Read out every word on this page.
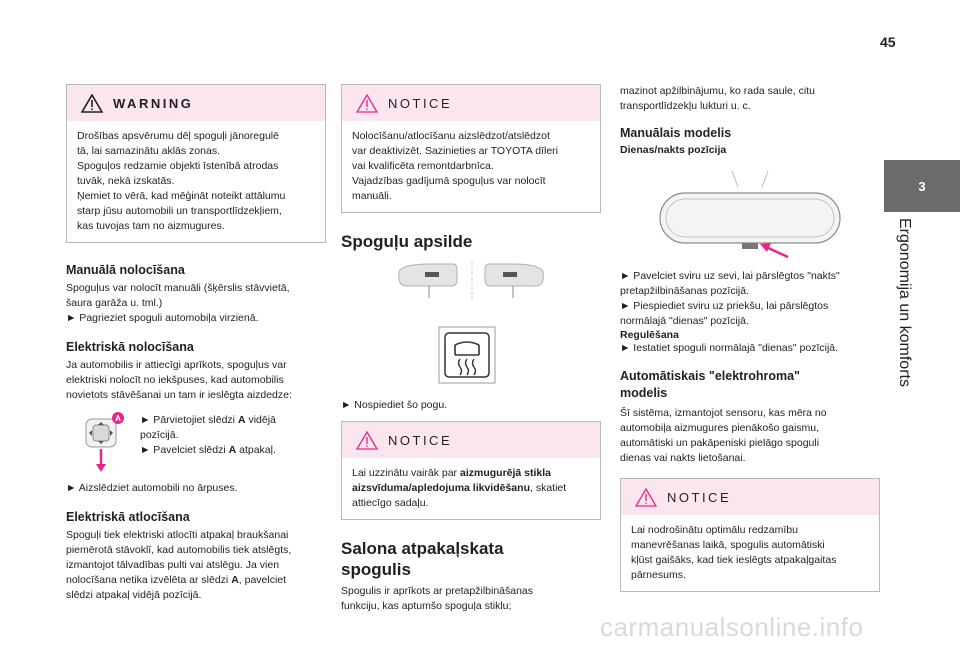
45
3
Ergonomija un komforts
WARNING

Drošības apsvērumu dēļ spoguļi jānoregulē

tā, lai samazinātu aklās zonas.

Spoguļos redzamie objekti īstenībā atrodas

tuvāk, nekā izskatās.

Ņemiet to vērā, kad mēģināt noteikt attālumu

starp jūsu automobili un transportlīdzekļiem,

kas tuvojas tam no aizmugures.

Manuālā nolocīšana

Spoguļus var nolocīt manuāli (šķērslis stāvvietā,

šaura garāža u. tml.)

► Pagrieziet spoguli automobiļa virzienā.

Elektriskā nolocīšana

Ja automobilis ir attiecīgi aprīkots, spoguļus var

elektriski nolocīt no iekšpuses, kad automobilis

novietots stāvēšanai un tam ir ieslēgta aizdedze:

A ► Pārvietojiet slēdzi A vidējā

pozīcijā.

► Pavelciet slēdzi A atpakaļ.

► Aizslēdziet automobili no ārpuses.

Elektriskā atlocīšana

Spoguļi tiek elektriski atlocīti atpakaļ braukšanai

piemērotā stāvoklī, kad automobilis tiek atslēgts,

izmantojot tālvadības pulti vai atslēgu. Ja vien

nolocīšana netika izvēlēta ar slēdzi A, pavelciet

slēdzi atpakaļ vidējā pozīcijā.

NOTICE

Nolocīšanu/atlocīšanu aizslēdzot/atslēdzot

var deaktivizēt. Sazinieties ar TOYOTA dīleri

vai kvalificēta remontdarbnīca.

Vajadzības gadījumā spoguļus var nolocīt

manuāli.

Spoguļu apsilde

► Nospiediet šo pogu.

NOTICE

Lai uzzinātu vairāk par aizmugurējā stikla

aizsvīduma/apledojuma likvidēšanu, skatiet

attiecīgo sadaļu.

Salona atpakaļskata
spogulis

Spogulis ir aprīkots ar pretapžilbināšanas

funkciju, kas aptumšo spoguļa stiklu;

mazinot apžilbinājumu, ko rada saule, citu

transportlīdzekļu lukturi u. c.

Manuālais modelis
Dienas/nakts pozīcija

► Pavelciet sviru uz sevi, lai pārslēgtos "nakts"

pretapžilbināšanas pozīcijā.

► Piespiediet sviru uz priekšu, lai pārslēgtos

normālajā "dienas" pozīcijā.

Regulēšana

► Iestatiet spoguli normālajā "dienas" pozīcijā.

Automātiskais "elektrohroma"
modelis

Šī sistēma, izmantojot sensoru, kas mēra no

automobiļa aizmugures pienākošo gaismu,

automātiski un pakāpeniski pielāgo spoguli

dienas vai nakts lietošanai.

NOTICE

Lai nodrošinātu optimālu redzamību

manevrēšanas laikā, spogulis automātiski

kļūst gaišāks, kad tiek ieslēgts atpakaļgaitas

pārnesums.

carmanualsonline.info
